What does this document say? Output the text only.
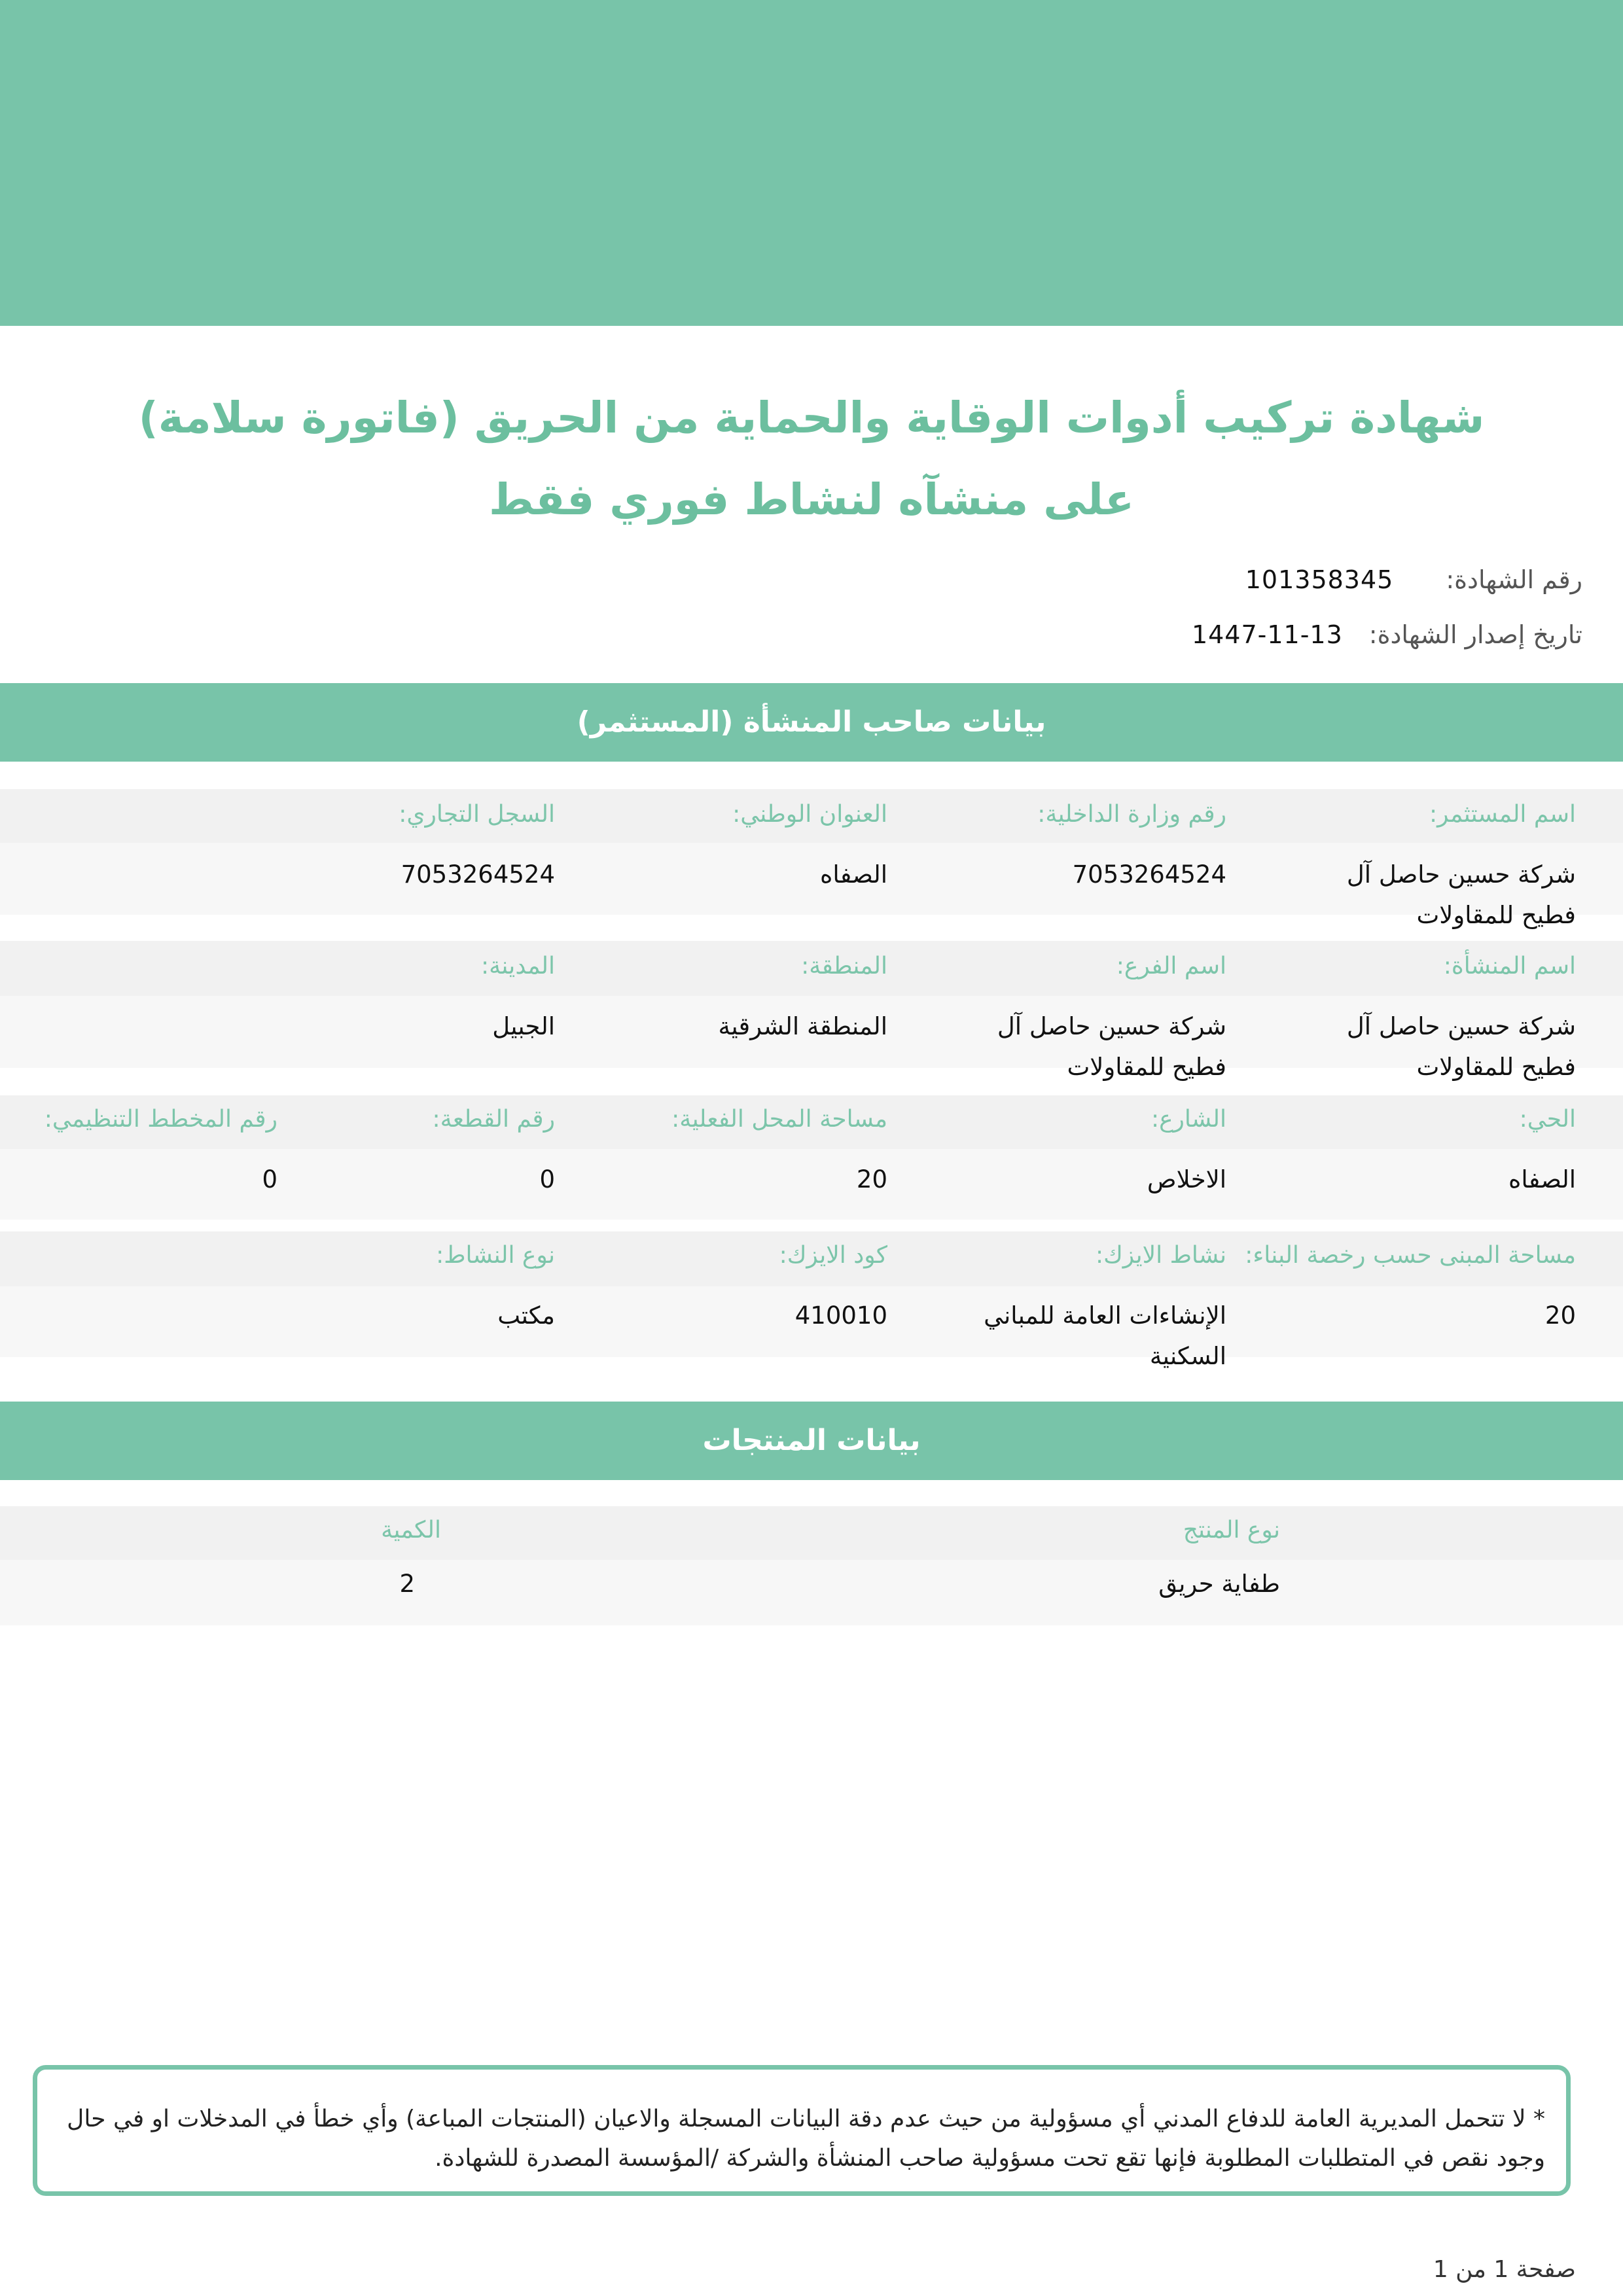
شهادة تركيب أدوات الوقاية والحماية من الحريق (فاتورة سلامة)
على منشآه لنشاط فوري فقط
رقم الشهادة:
101358345
تاريخ إصدار الشهادة:
1447-11-13
بيانات صاحب المنشأة (المستثمر)
اسم المستثمر:
شركة حسين حاصل آل فطيح للمقاولات
رقم وزارة الداخلية:
7053264524
العنوان الوطني:
الصفاه
السجل التجاري:
7053264524
اسم المنشأة:
شركة حسين حاصل آل فطيح للمقاولات
اسم الفرع:
شركة حسين حاصل آل فطيح للمقاولات
المنطقة:
المنطقة الشرقية
المدينة:
الجبيل
الحي:
الصفاه
الشارع:
الاخلاص
مساحة المحل الفعلية:
20
رقم القطعة:
0
رقم المخطط التنظيمي:
0
مساحة المبنى حسب رخصة البناء:
20
نشاط الايزك:
الإنشاءات العامة للمباني السكنية
كود الايزك:
410010
نوع النشاط:
مكتب
بيانات المنتجات
نوع المنتج
الكمية
طفاية حريق
2
* لا تتحمل المديرية العامة للدفاع المدني أي مسؤولية من حيث عدم دقة البيانات المسجلة والاعيان (المنتجات المباعة) وأي خطأ في المدخلات او في حال وجود نقص في المتطلبات المطلوبة فإنها تقع تحت مسؤولية صاحب المنشأة والشركة /المؤسسة المصدرة للشهادة.
صفحة 1 من 1
